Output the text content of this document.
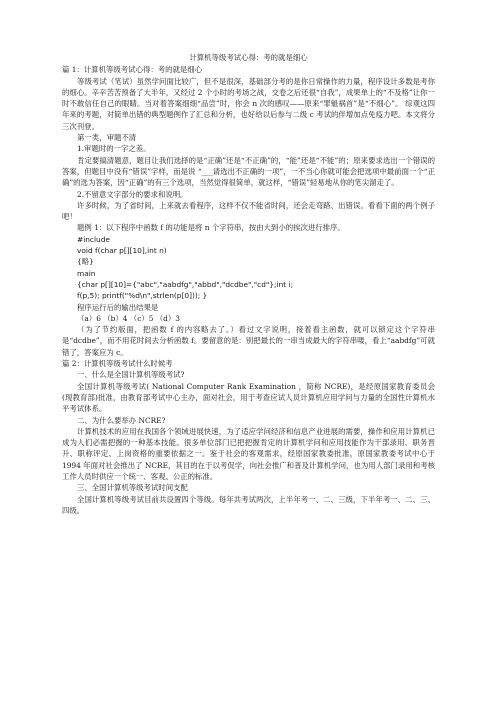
计算机等级考试心得：考的就是细心
篇 1：计算机等级考试心得：考的就是细心
等级考试（笔试）虽然学问面比较广，但不是很深，基础部分考的是你日常操作的力量，程序设计多数是考你的细心。辛辛苦苦预备了大半年，又经过 2 个小时的考场之战，交卷之后还很“自我”，成果单上的“不及格”让你一时不敢信任自己的眼睛。当对着答案细细“品尝”时，你会 n 次的感叹——原来“罪魁祸首”是“不细心”。 综观这四年来的考题，对简单出错的典型题例作了汇总和分析，也好给以后参与二级 c 考试的伴增加点免疫力吧。本文将分三次刊登。
第一类，审题不清
1.审题时的一字之差。
肯定要搞清题意，题目让我们选择的是“正确”还是“不正确”的，“能”还是“不能”的；原来要求选出一个错误的答案，但题目中没有“错误”字样，而是说 “___请选出不正确的一项”，一不当心你就可能会把选项中最前面一个“正确”的选为答案，因“正确”的有三个选项，当然觉得很简单，就这样，“错误”轻易地从你的笔尖溜走了。
2.不留意文字部分的要求和说明。
许多时候，为了省时间，上来就去看程序，这样不仅不能省时间，还会走弯路、出错误。看看下面的两个例子吧！
题例 1：以下程序中函数 f 的功能是将 n 个字符串，按由大到小的挨次进行排序。
#include
void f(char p[][10],int n)
{略}
main
{char p[][10]={"abc","aabdfg","abbd","dcdbe","cd"};int i;
f(p,5); printf("%d\n",strlen(p[0])); }
程序运行后的输出结果是
（a）6 （b）4 （c）5 （d）3
（为了节约版面，把函数 f 的内容略去了。）看过文字说明，接着看主函数，就可以锁定这个字符串是“dcdbe”，而不用花时间去分析函数 f。要留意的是：别把最长的一串当成最大的字符串喽，看上“aabdfg”可就错了，答案应为 c。
篇 2：计算机等级考试什么时候考
一、什么是全国计算机等级考试?
全国计算机等级考试( National Computer Rank Examination ，简称 NCRE)，是经原国家教育委员会(现教育部)批准，由教育部考试中心主办，面对社会，用于考查应试人员计算机应用学问与力量的全国性计算机水平考试体系。
二、为什么要举办 NCRE?
计算机技术的应用在我国各个领域进展快速，为了适应学问经济和信息产业进展的需要，操作和应用计算机已成为人们必需把握的一种基本技能。很多单位部门已把把握肯定的计算机学问和应用技能作为干部录用、职务晋升、职称评定、上岗资格的重要依据之一。鉴于社会的客观需求，经原国家教委批准，原国家教委考试中心于 1994 年面对社会推出了 NCRE，其目的在于以考促学，向社会推广和普及计算机学问，也为用人部门录用和考核工作人员时供应一个统一、客观、公正的标准。
三、全国计算机等级考试时间支配
全国计算机等级考试目前共设置四个等级。每年共考试两次，上半年考一、二、三级，下半年考一、二、三、四级。
